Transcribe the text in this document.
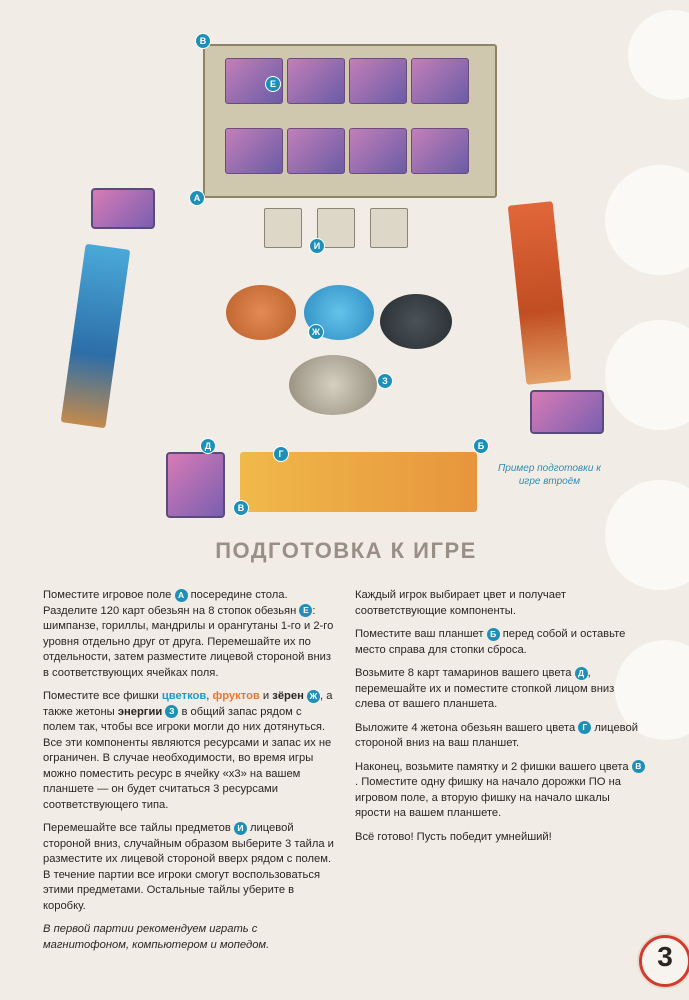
В
А
Е
И
Ж
З
Д
Г
Б
В
Пример подготовки к игре втроём
ПОДГОТОВКА К ИГРЕ

Поместите игровое поле А посередине стола. Разделите 120 карт обезьян на 8 стопок обезьян Е : шимпанзе, гориллы, мандрилы и орангутаны 1-го и 2-го уровня отдельно друг от друга. Перемешайте их по отдельности, затем разместите лицевой стороной вниз в соответствующих ячейках поля.

Поместите все фишки цветков, фруктов и зёрен Ж , а также жетоны энергии З в общий запас рядом с полем так, чтобы все игроки могли до них дотянуться. Все эти компоненты являются ресурсами и запас их не ограничен. В случае необходимости, во время игры можно поместить ресурс в ячейку «x3» на вашем планшете — он будет считаться 3 ресурсами соответствующего типа.

Перемешайте все тайлы предметов И лицевой стороной вниз, случайным образом выберите 3 тайла и разместите их лицевой стороной вверх рядом с полем. В течение партии все игроки смогут воспользоваться этими предметами. Остальные тайлы уберите в коробку.

В первой партии рекомендуем играть с магнитофоном, компьютером и мопедом.

Каждый игрок выбирает цвет и получает соответствующие компоненты.

Поместите ваш планшет Б перед собой и оставьте место справа для стопки сброса.

Возьмите 8 карт тамаринов вашего цвета Д , перемешайте их и поместите стопкой лицом вниз слева от вашего планшета.

Выложите 4 жетона обезьян вашего цвета Г лицевой стороной вниз на ваш планшет.

Наконец, возьмите памятку и 2 фишки вашего цвета В. Поместите одну фишку на начало дорожки ПО на игровом поле, а вторую фишку на начало шкалы ярости на вашем планшете.

Всё готово! Пусть победит умнейший!

3
